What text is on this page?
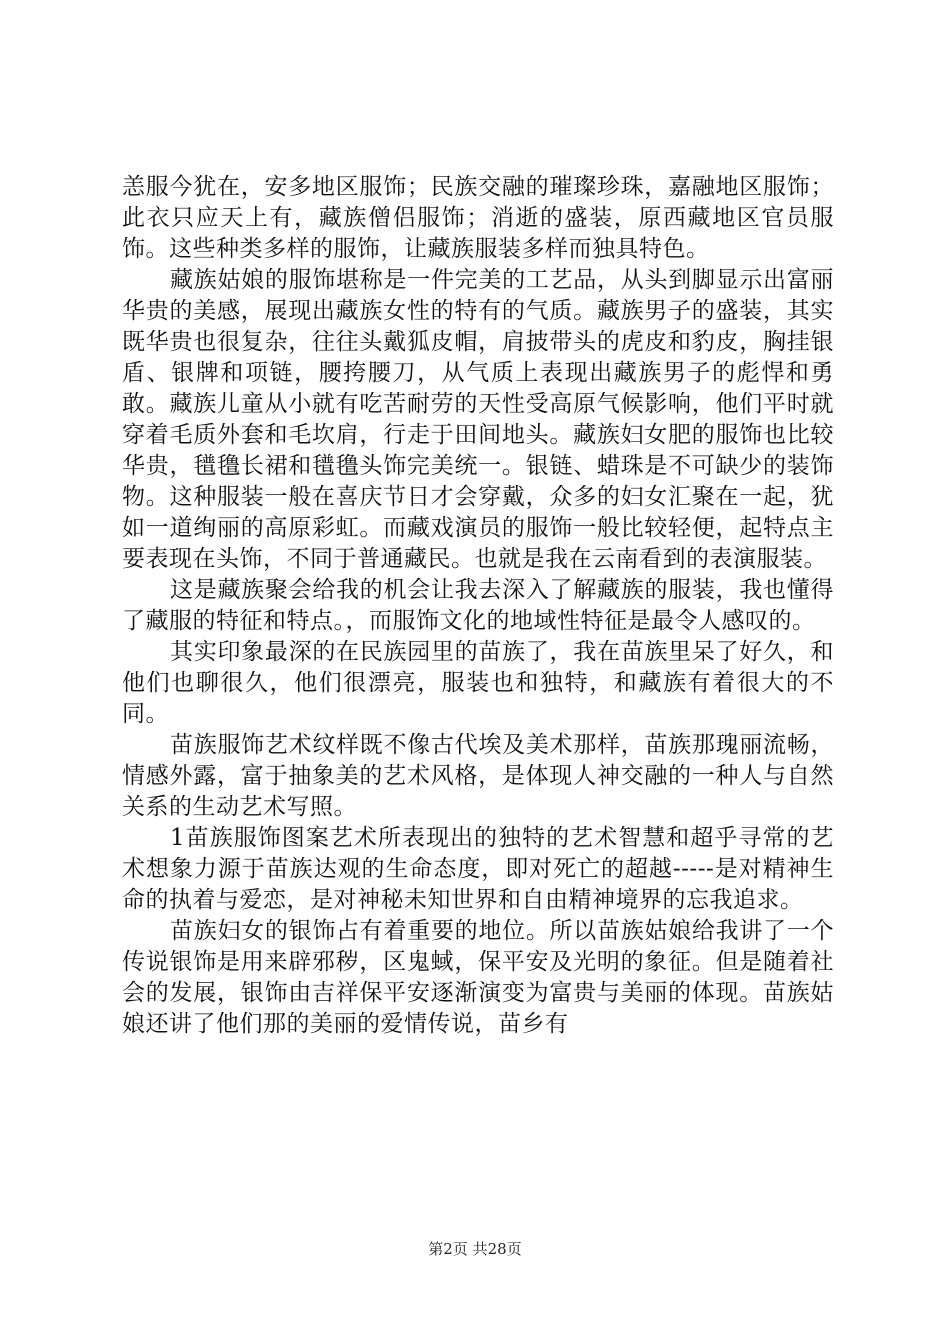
恙服今犹在，安多地区服饰；民族交融的璀璨珍珠，嘉融地区服饰；此衣只应天上有，藏族僧侣服饰；消逝的盛装，原西藏地区官员服饰。这些种类多样的服饰，让藏族服装多样而独具特色。

藏族姑娘的服饰堪称是一件完美的工艺品，从头到脚显示出富丽华贵的美感，展现出藏族女性的特有的气质。藏族男子的盛装，其实既华贵也很复杂，往往头戴狐皮帽，肩披带头的虎皮和豹皮，胸挂银盾、银牌和项链，腰挎腰刀，从气质上表现出藏族男子的彪悍和勇敢。藏族儿童从小就有吃苦耐劳的天性受高原气候影响，他们平时就穿着毛质外套和毛坎肩，行走于田间地头。藏族妇女肥的服饰也比较华贵，氆氇长裙和氆氇头饰完美统一。银链、蜡珠是不可缺少的装饰物。这种服装一般在喜庆节日才会穿戴，众多的妇女汇聚在一起，犹如一道绚丽的高原彩虹。而藏戏演员的服饰一般比较轻便，起特点主要表现在头饰，不同于普通藏民。也就是我在云南看到的表演服装。

这是藏族聚会给我的机会让我去深入了解藏族的服装，我也懂得了藏服的特征和特点。，而服饰文化的地域性特征是最令人感叹的。

其实印象最深的在民族园里的苗族了，我在苗族里呆了好久，和他们也聊很久，他们很漂亮，服装也和独特，和藏族有着很大的不同。

苗族服饰艺术纹样既不像古代埃及美术那样，苗族那瑰丽流畅，情感外露，富于抽象美的艺术风格，是体现人神交融的一种人与自然关系的生动艺术写照。

1苗族服饰图案艺术所表现出的独特的艺术智慧和超乎寻常的艺术想象力源于苗族达观的生命态度，即对死亡的超越-----是对精神生命的执着与爱恋，是对神秘未知世界和自由精神境界的忘我追求。

苗族妇女的银饰占有着重要的地位。所以苗族姑娘给我讲了一个传说银饰是用来辟邪秽，区鬼蜮，保平安及光明的象征。但是随着社会的发展，银饰由吉祥保平安逐渐演变为富贵与美丽的体现。苗族姑娘还讲了他们那的美丽的爱情传说，苗乡有

第2页 共28页
